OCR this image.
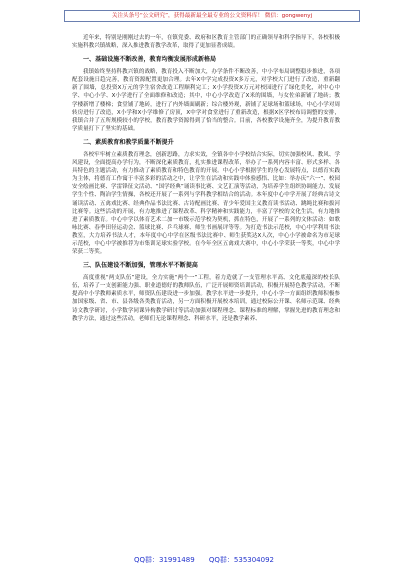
关注头条号“公文研究”，获得最新最全最专业的公文资料库！ 微信：gongwenyj

近年来，特别是刚刚过去的一年，在镇党委、政府和区教育主管部门的正确领导和科学指导下，各校积极实施科教兴镇战略，深入推进教育教学改革，取得了更加显著成绩。

一、基础设施不断改善，教育均衡发展形成新格局

我镇始终坚持科教兴镇的战略，教育投入不断加大，办学条件不断改善，中小学布局调整稳步推进，各项配套设施日趋完善，教育资源配置更加合理。去年X中学完成投资X多万元，对学校大门进行了改造，重新翻新了围墙，总投资X万元的学生宿舍改造工程顺利完工；X小学投资X万元对校园进行了绿化美化，对中心中学、中心小学、X小学进行了全面维修和改造；其中，中心小学改造了X米的围墙，与女佐弟新铺了地砖；教学楼新增了楼梯；食堂铺了地砖，进行了内外墙面刷新；综合楼外观，新铺了足球场和篮球场，中心小学对周转房进行了改造，X小学和X小学维修了房顶，X中学对食堂进行了重新改造，根据X区学校布局调整的安排，我镇合并了五所规模较小的学校，教育教学资源得到了恰当的整合。目前，各校教学设施齐全，为提升教育教学质量打下了坚实的基础。

二、素质教育和教学质量不断提升

各校牢牢树立素质教育理念，创新思路，力求实效，全镇各中小学校结合实际，切实加强校风、教风、学风建设，全面提高办学行为，不断深化素质教育，扎实推进课程改革，举办了一系列内容丰富、形式多样、各具特色的主题活动，有力推动了素质教育和特色教育的开展。中心小学根据学生的身心发展特点，以德育实践为主体，将德育工作寓于丰富多彩的活动之中，让学生在活动和实践中体验感悟、比如：举办庆“六一”、校园安全绘画比赛、学雷锋征文活动、“国学经典”诵读事比赛、文艺汇演等活动，为培养学生组织协调能力、发展学生个性、陶冶学生情操，各校还开展了一系列与学科教学相结合的活动。本年度中心中学开展了经典古诗文诵读活动、五禽戏比赛、经典作品书法比赛、古诗配画比赛、青少年爱国主义教育读书活动、跳绳比赛和拔河比赛等。这些活动的开展，有力地推进了课程改革、科学精神和实践能力，丰富了学校的文化生活，有力地推进了素质教育。中心中学以体育艺术二加一市级示范学校为契机，抓在特色，开展了一系列的文体活动：如歌咏比赛、春季田径运动会、篮球比赛、乒乓球赛、师生书画展评等等。为打造书法示范校，中心中学利用书法教室，大力培养书法人才，本年度中心中学在区级书法比赛中、师生获奖达X人次，中心小学被命名为市足球示范校，中心中学被推荐为市集训足球实验学校。在今年全区五禽戏大赛中，中心小学荣获一等奖，中心中学荣获二等奖。

三、队伍建设不断加强，管理水平不断提高

高度重视“两支队伍”建设，全力实施“两个一”工程，着力造就了一支管理水平高、文化底蕴深的校长队伍，培养了一支创新能力强、职业道德好的教师队伍，广泛开展师资培训活动，积极开展特色教学活动，不断提高中小学教师素质水平，师资队伍建设进一步加强。教学水平进一步提升，中心小学一方面组织教师积极参加国家级、省、市、县各级各类教育活动，另一方面积极开展校本培训，通过校际公开课、名师示范课、经典诗文教学研讨，小学数学同课异构教学研讨等活动加强对课程理念、课程标准的理解，掌握先进的教育理念和教学方法，通过这些活动，老师们无论课程理念、科研水平，还是教学素养、

QQ群：31991489 QQ群：535304092
